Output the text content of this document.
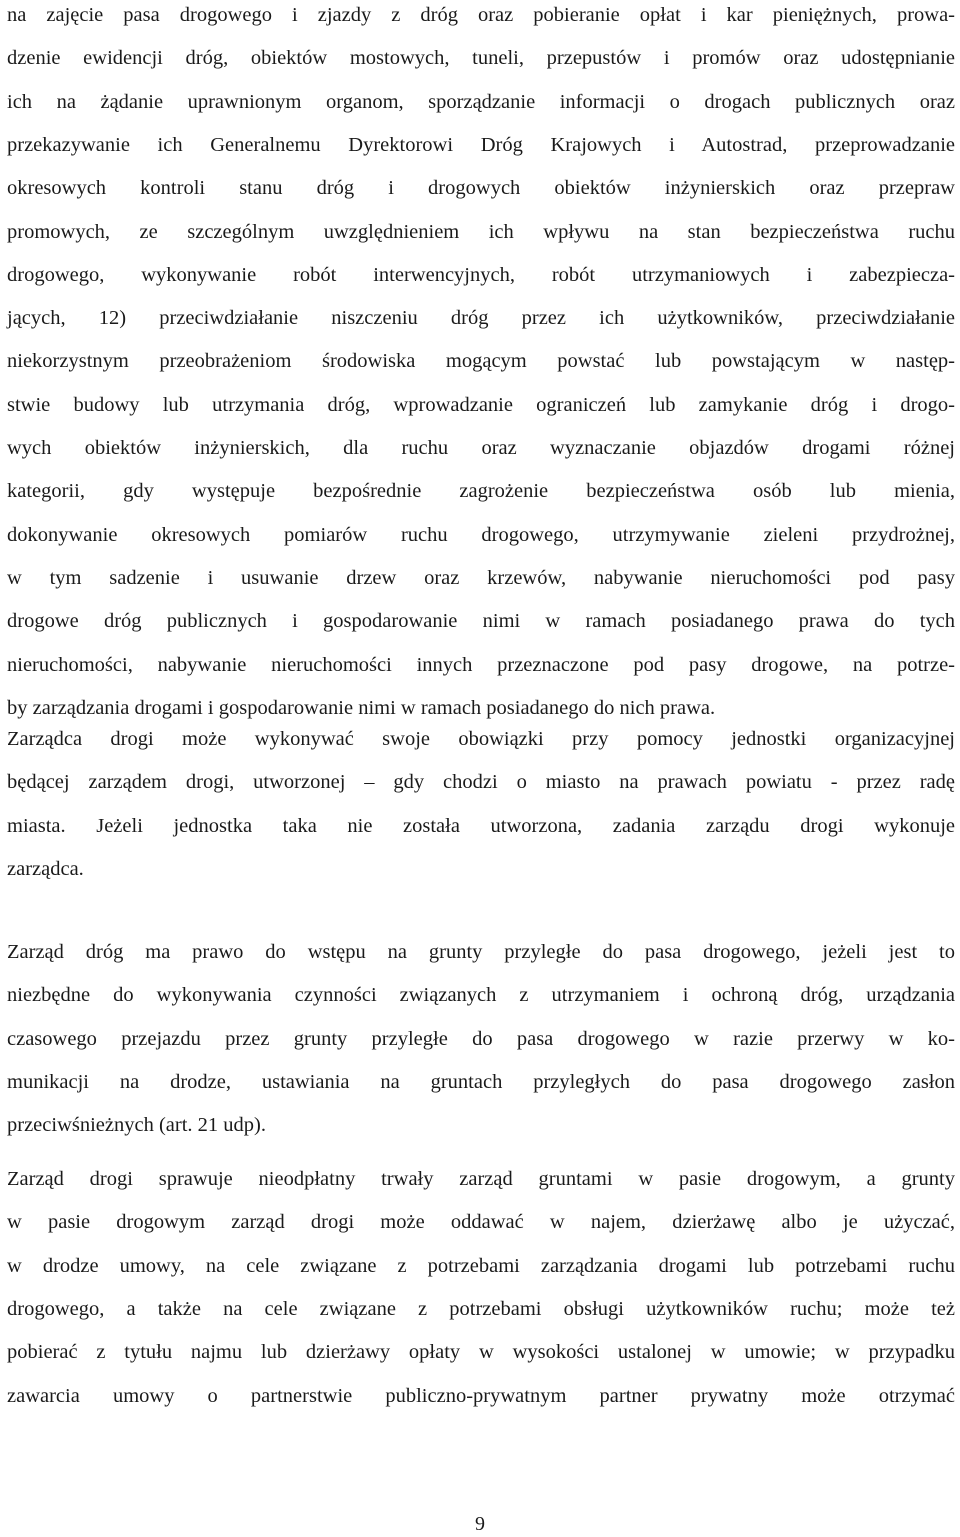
na zajęcie pasa drogowego i zjazdy z dróg oraz pobieranie opłat i kar pieniężnych, prowa-
dzenie ewidencji dróg, obiektów mostowych, tuneli, przepustów i promów oraz udostępnianie
ich na żądanie uprawnionym organom, sporządzanie informacji o drogach publicznych oraz
przekazywanie ich Generalnemu Dyrektorowi Dróg Krajowych i Autostrad, przeprowadzanie
okresowych kontroli stanu dróg i drogowych obiektów inżynierskich oraz przepraw
promowych, ze szczególnym uwzględnieniem ich wpływu na stan bezpieczeństwa ruchu
drogowego, wykonywanie robót interwencyjnych, robót utrzymaniowych i zabezpiecza-
jących, 12) przeciwdziałanie niszczeniu dróg przez ich użytkowników, przeciwdziałanie
niekorzystnym przeobrażeniom środowiska mogącym powstać lub powstającym w następ-
stwie budowy lub utrzymania dróg, wprowadzanie ograniczeń lub zamykanie dróg i drogo-
wych obiektów inżynierskich, dla ruchu oraz wyznaczanie objazdów drogami różnej
kategorii, gdy występuje bezpośrednie zagrożenie bezpieczeństwa osób lub mienia,
dokonywanie okresowych pomiarów ruchu drogowego, utrzymywanie zieleni przydrożnej,
w tym sadzenie i usuwanie drzew oraz krzewów, nabywanie nieruchomości pod pasy
drogowe dróg publicznych i gospodarowanie nimi w ramach posiadanego prawa do tych
nieruchomości, nabywanie nieruchomości innych przeznaczone pod pasy drogowe, na potrze-
by zarządzania drogami i gospodarowanie nimi w ramach posiadanego do nich prawa.
Zarządca drogi może wykonywać swoje obowiązki przy pomocy jednostki organizacyjnej
będącej zarządem drogi, utworzonej – gdy chodzi o miasto na prawach powiatu - przez radę
miasta. Jeżeli jednostka taka nie została utworzona, zadania zarządu drogi wykonuje
zarządca.
Zarząd dróg ma prawo do wstępu na grunty przyległe do pasa drogowego, jeżeli jest to
niezbędne do wykonywania czynności związanych z utrzymaniem i ochroną dróg, urządzania
czasowego przejazdu przez grunty przyległe do pasa drogowego w razie przerwy w ko-
munikacji na drodze, ustawiania na gruntach przyległych do pasa drogowego zasłon
przeciwśnieżnych (art. 21 udp).
Zarząd drogi sprawuje nieodpłatny trwały zarząd gruntami w pasie drogowym, a grunty
w pasie drogowym zarząd drogi może oddawać w najem, dzierżawę albo je użyczać,
w drodze umowy, na cele związane z potrzebami zarządzania drogami lub potrzebami ruchu
drogowego, a także na cele związane z potrzebami obsługi użytkowników ruchu; może też
pobierać z tytułu najmu lub dzierżawy opłaty w wysokości ustalonej w umowie; w przypadku
zawarcia umowy o partnerstwie publiczno-prywatnym partner prywatny może otrzymać
9
